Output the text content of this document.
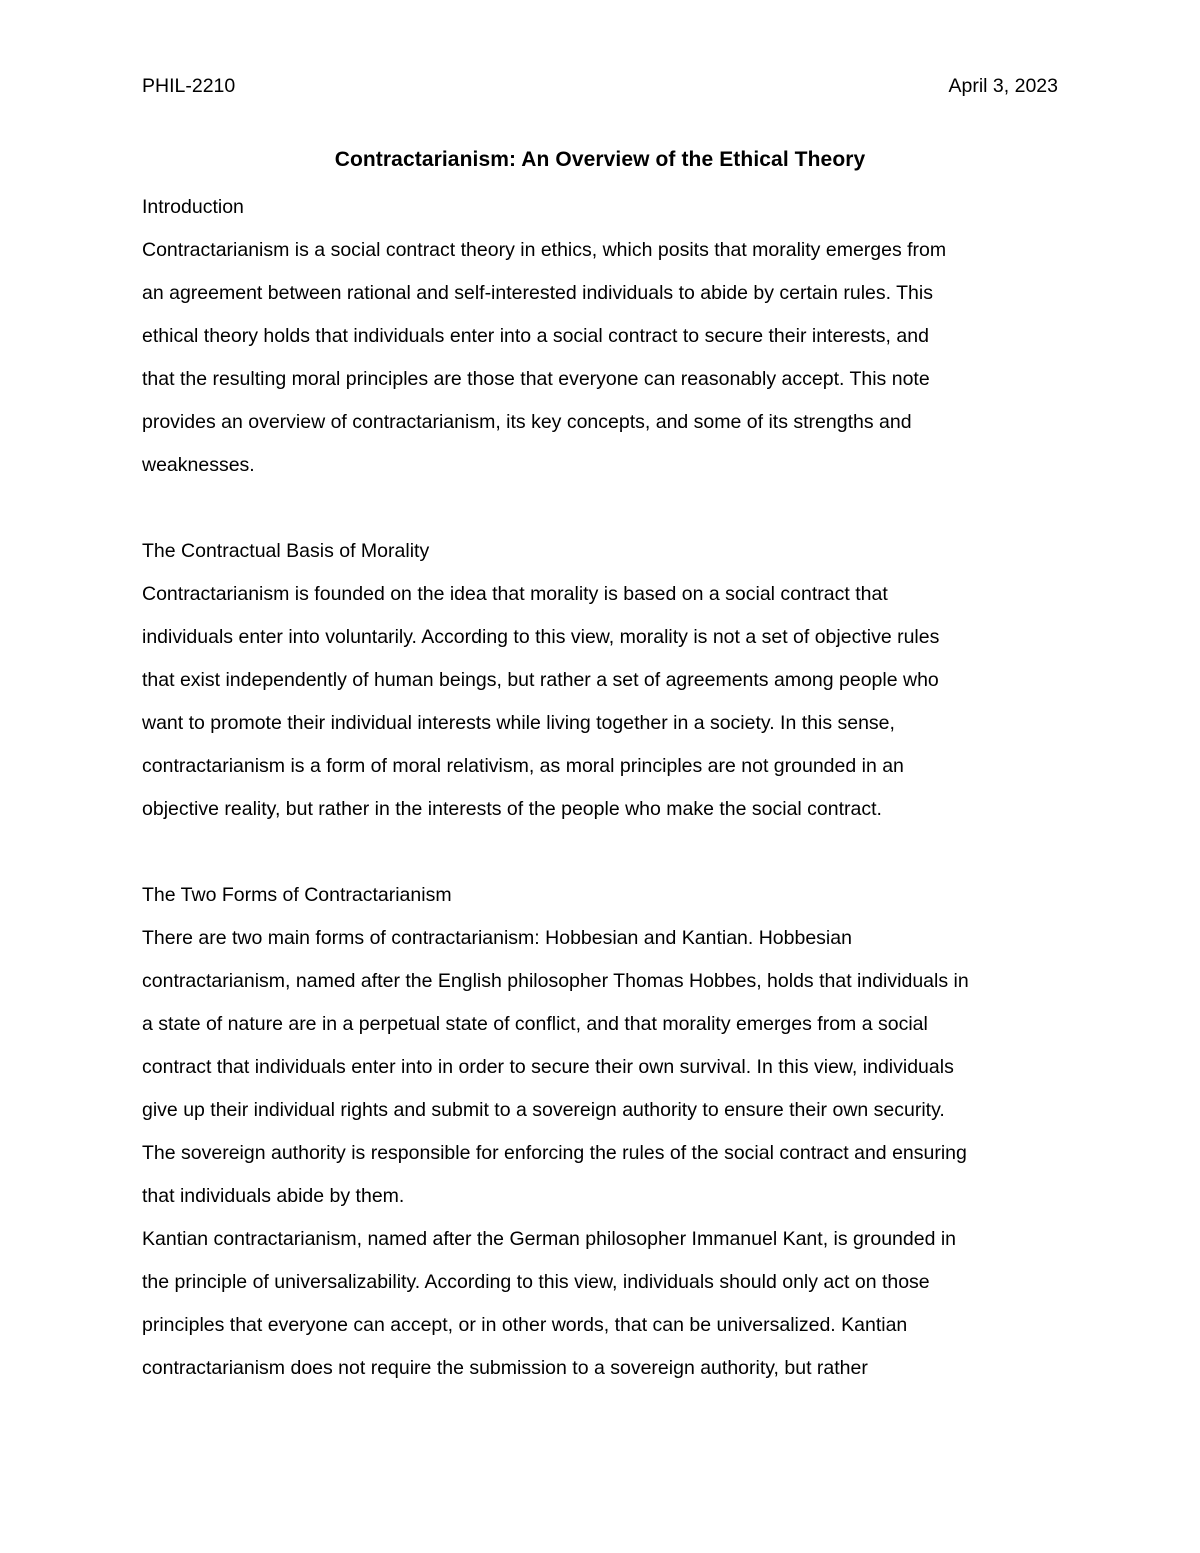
PHIL-2210	April 3, 2023
Contractarianism: An Overview of the Ethical Theory
Introduction

Contractarianism is a social contract theory in ethics, which posits that morality emerges from
an agreement between rational and self-interested individuals to abide by certain rules. This
ethical theory holds that individuals enter into a social contract to secure their interests, and
that the resulting moral principles are those that everyone can reasonably accept. This note
provides an overview of contractarianism, its key concepts, and some of its strengths and
weaknesses.

The Contractual Basis of Morality

Contractarianism is founded on the idea that morality is based on a social contract that
individuals enter into voluntarily. According to this view, morality is not a set of objective rules
that exist independently of human beings, but rather a set of agreements among people who
want to promote their individual interests while living together in a society. In this sense,
contractarianism is a form of moral relativism, as moral principles are not grounded in an
objective reality, but rather in the interests of the people who make the social contract.

The Two Forms of Contractarianism

There are two main forms of contractarianism: Hobbesian and Kantian. Hobbesian
contractarianism, named after the English philosopher Thomas Hobbes, holds that individuals in
a state of nature are in a perpetual state of conflict, and that morality emerges from a social
contract that individuals enter into in order to secure their own survival. In this view, individuals
give up their individual rights and submit to a sovereign authority to ensure their own security.
The sovereign authority is responsible for enforcing the rules of the social contract and ensuring
that individuals abide by them.

Kantian contractarianism, named after the German philosopher Immanuel Kant, is grounded in
the principle of universalizability. According to this view, individuals should only act on those
principles that everyone can accept, or in other words, that can be universalized. Kantian
contractarianism does not require the submission to a sovereign authority, but rather
